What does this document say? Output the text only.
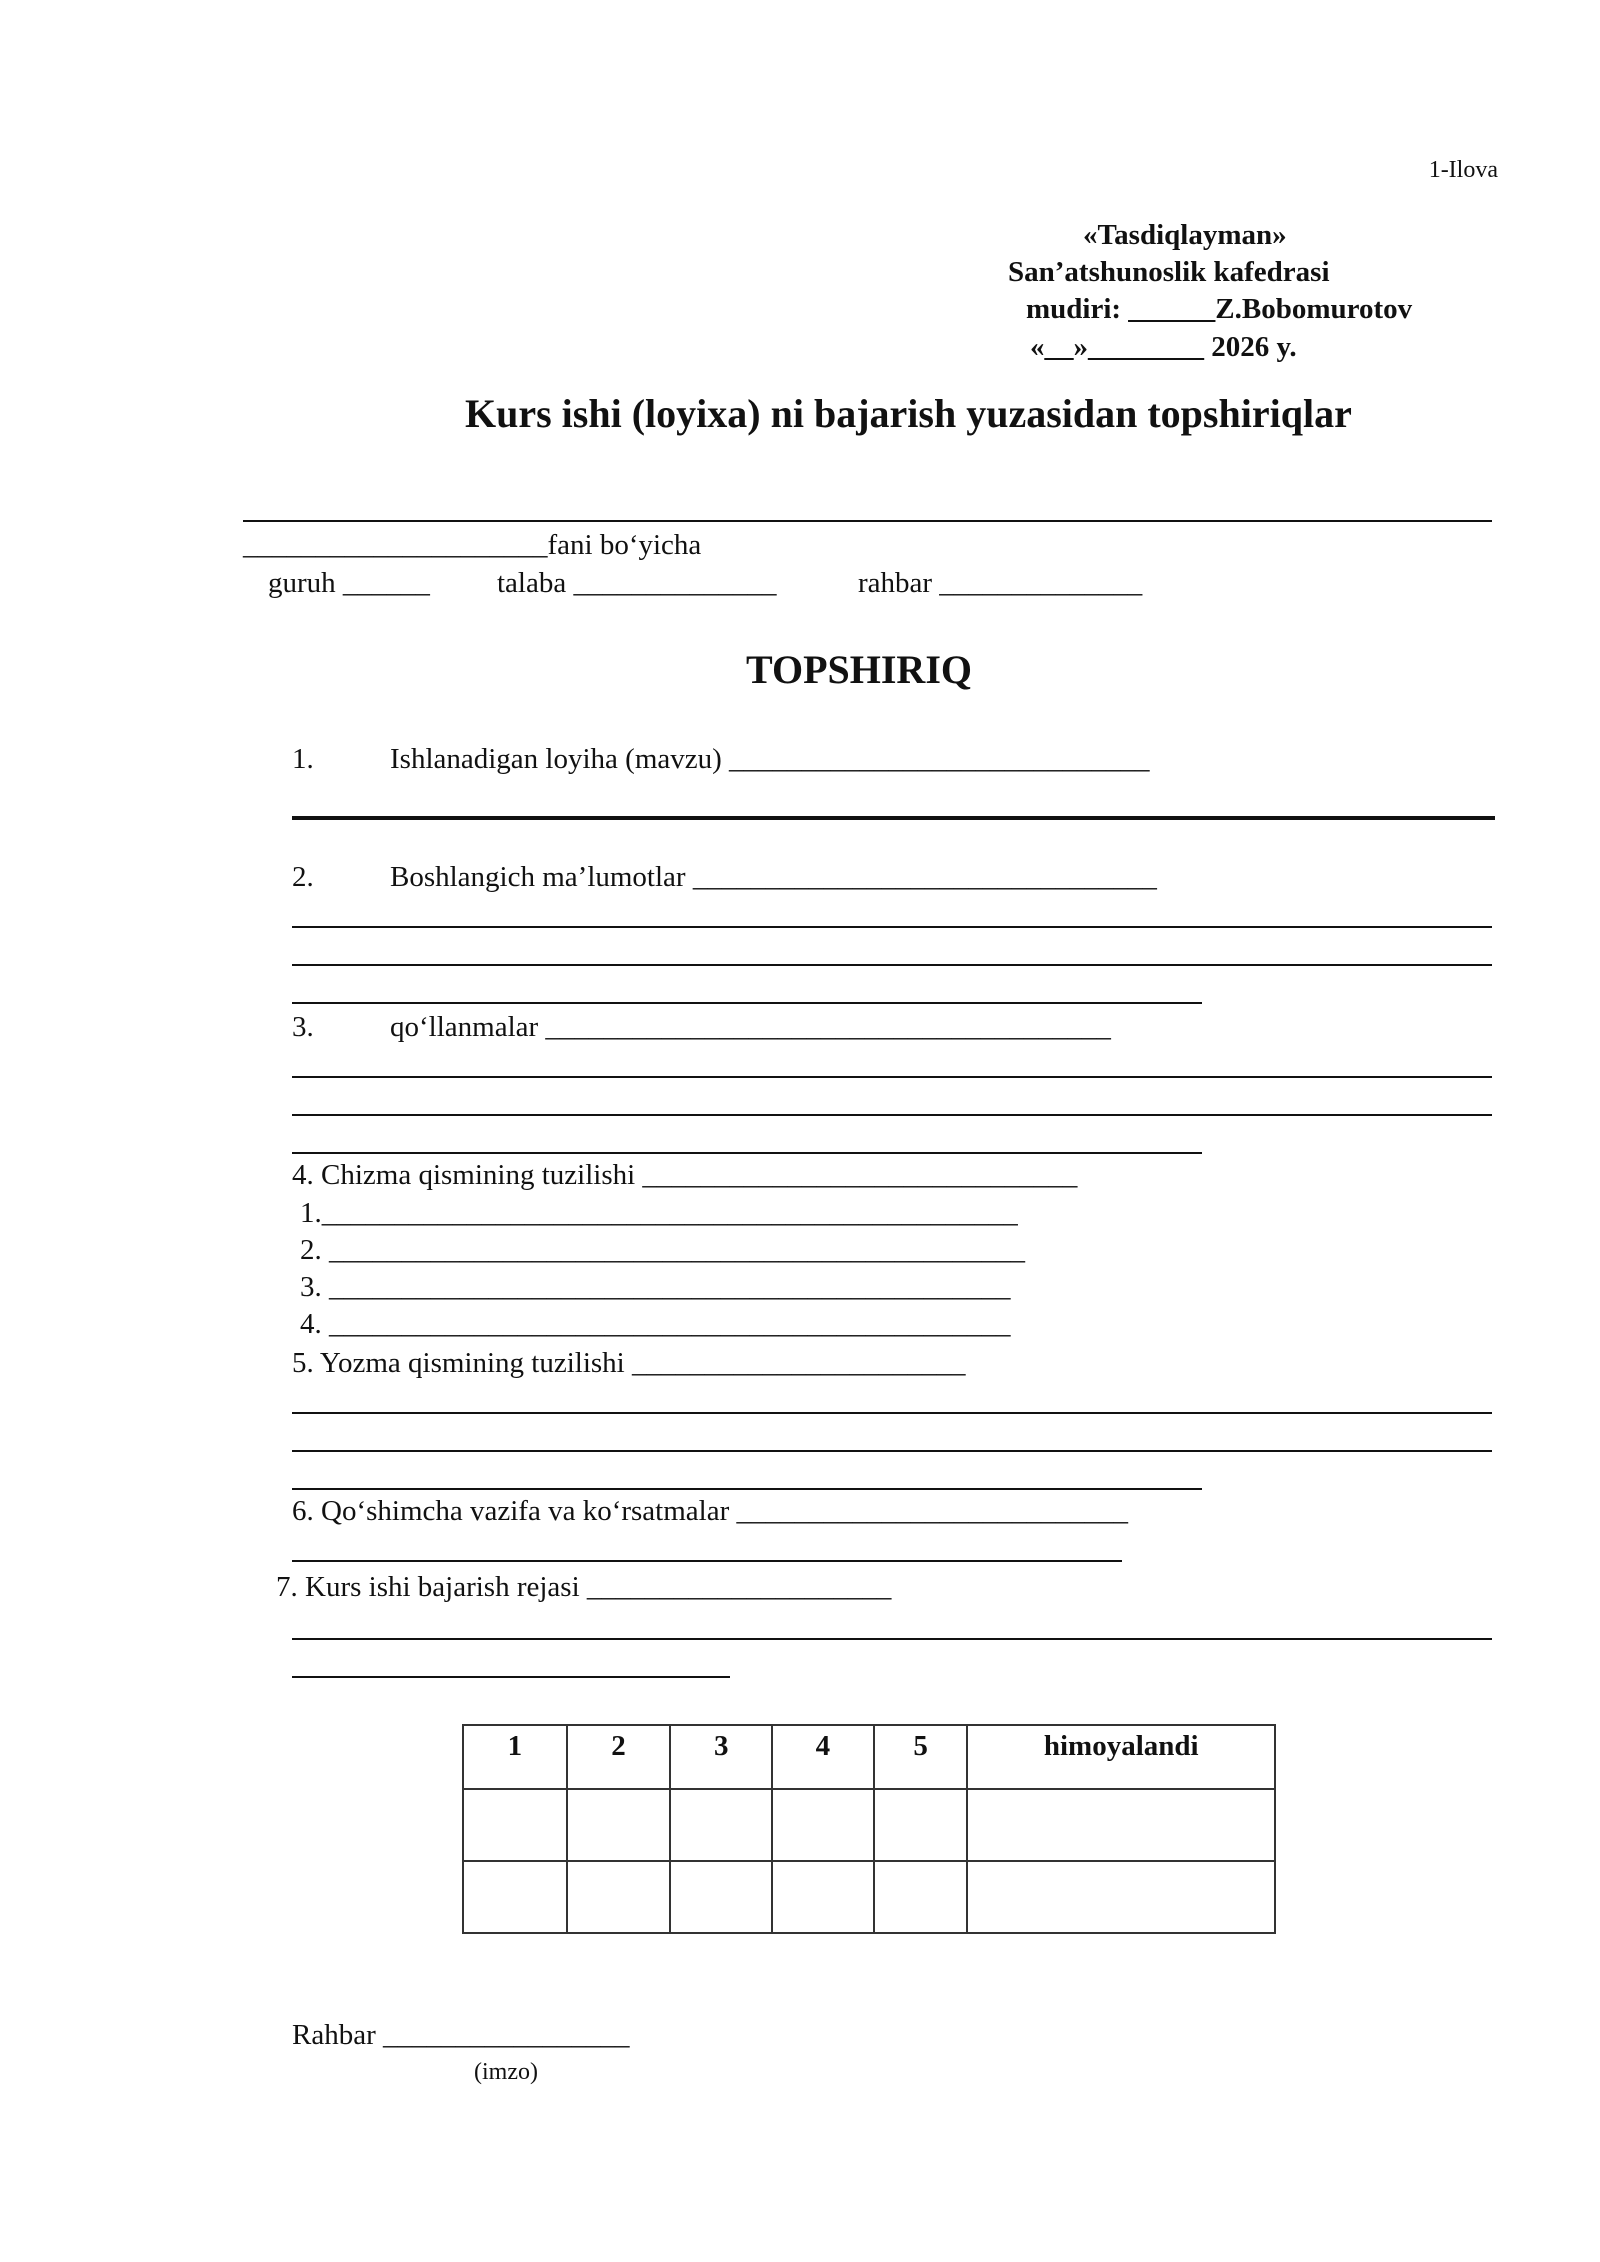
1-Ilova
«Tasdiqlayman»
San’atshunoslik kafedrasi
mudiri: ______Z.Bobomurotov
«__»________ 2026 y.
Kurs ishi (loyixa) ni bajarish yuzasidan topshiriqlar
_____________________fani bo‘yicha
guruh ______ talaba ______________	rahbar ______________
TOPSHIRIQ
1.	Ishlanadigan loyiha (mavzu) _____________________________
2.	Boshlangich ma’lumotlar ________________________________
3.	qo‘llanmalar _______________________________________
4. Chizma qismining tuzilishi ______________________________
1.________________________________________________
2. ________________________________________________
3. _______________________________________________
4. _______________________________________________
5. Yozma qismining tuzilishi _______________________
6. Qo‘shimcha vazifa va ko‘rsatmalar ___________________________
7. Kurs ishi bajarish rejasi _____________________
1	2	3	4	5	himoyalandi

Rahbar _________________
(imzo)
